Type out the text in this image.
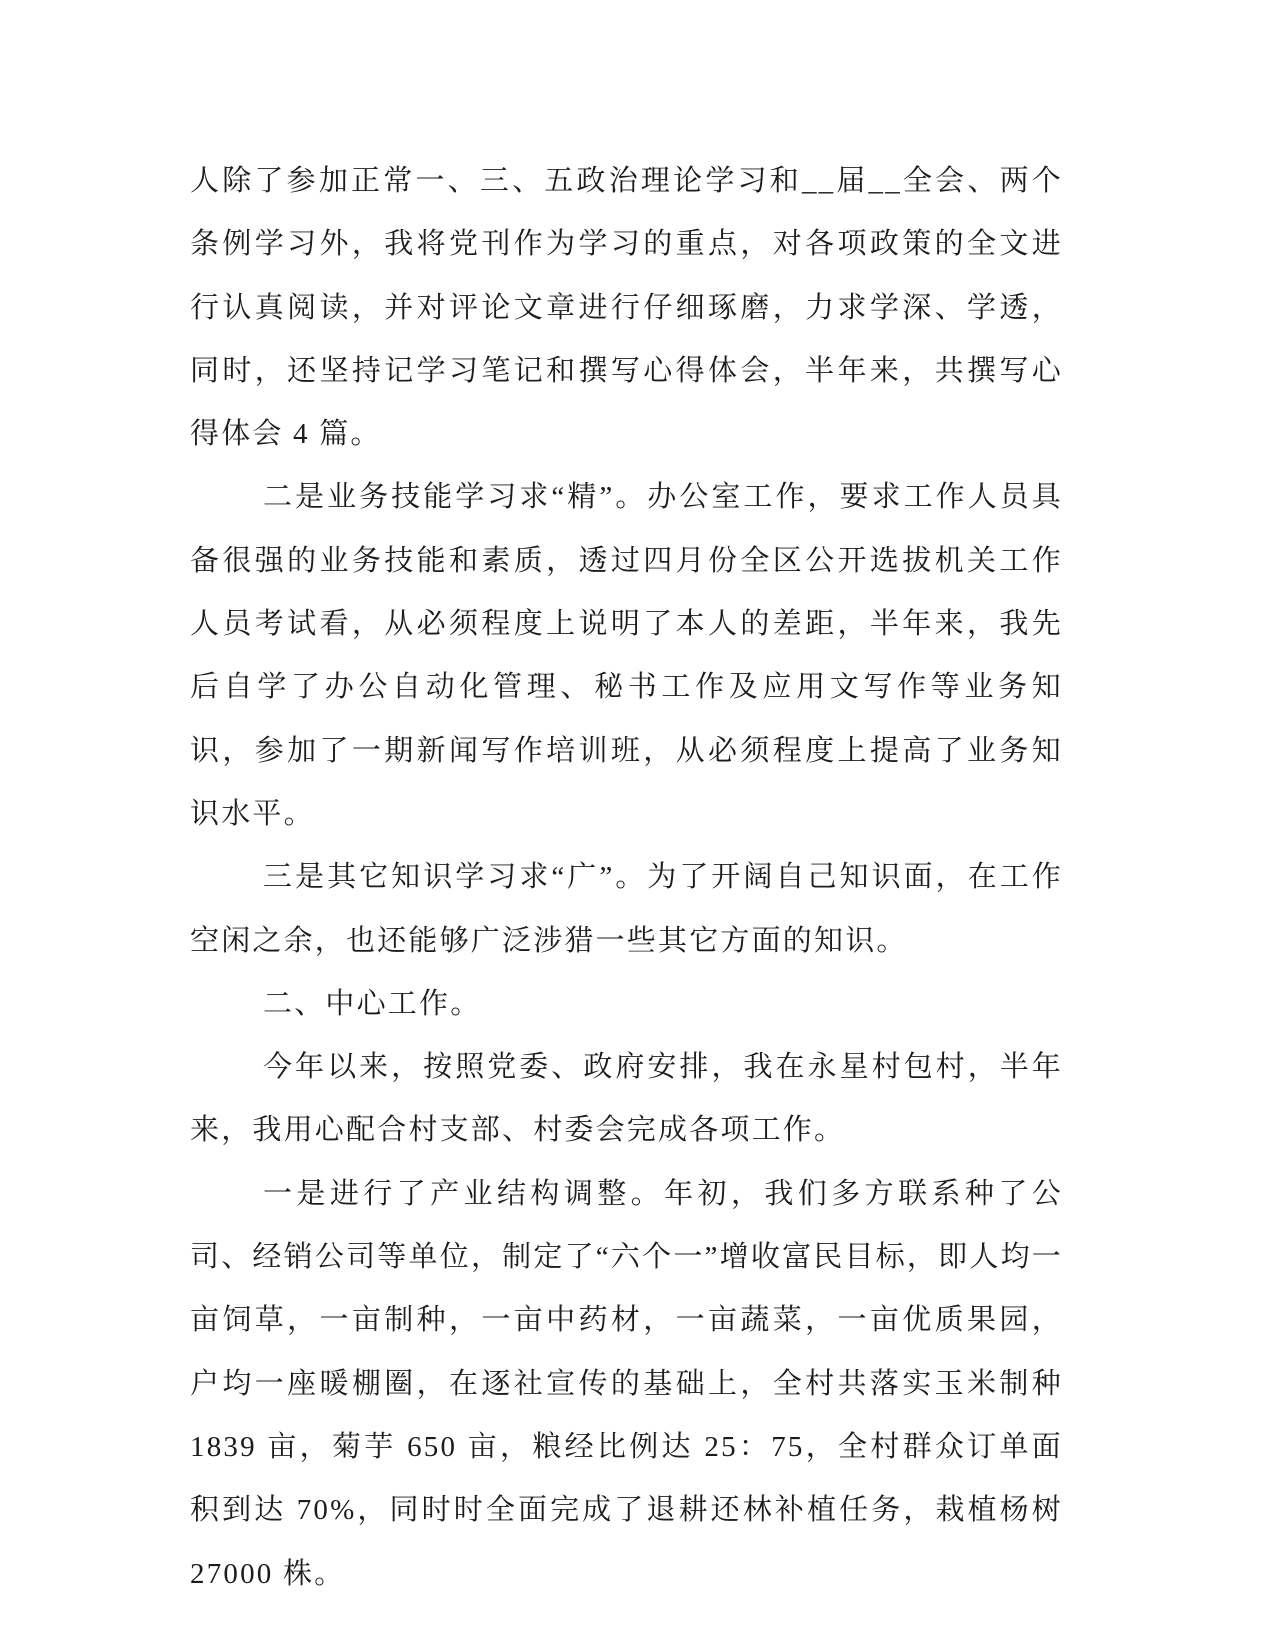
人除了参加正常一、三、五政治理论学习和__届__全会、两个条例学习外，我将党刊作为学习的重点，对各项政策的全文进行认真阅读，并对评论文章进行仔细琢磨，力求学深、学透，同时，还坚持记学习笔记和撰写心得体会，半年来，共撰写心得体会 4 篇。

二是业务技能学习求“精”。办公室工作，要求工作人员具备很强的业务技能和素质，透过四月份全区公开选拔机关工作人员考试看，从必须程度上说明了本人的差距，半年来，我先后自学了办公自动化管理、秘书工作及应用文写作等业务知识，参加了一期新闻写作培训班，从必须程度上提高了业务知识水平。

三是其它知识学习求“广”。为了开阔自己知识面，在工作空闲之余，也还能够广泛涉猎一些其它方面的知识。

二、中心工作。

今年以来，按照党委、政府安排，我在永星村包村，半年来，我用心配合村支部、村委会完成各项工作。

一是进行了产业结构调整。年初，我们多方联系种了公司、经销公司等单位，制定了“六个一”增收富民目标，即人均一亩饲草，一亩制种，一亩中药材，一亩蔬菜，一亩优质果园，户均一座暖棚圈，在逐社宣传的基础上，全村共落实玉米制种 1839 亩，菊芋 650 亩，粮经比例达 25：75，全村群众订单面积到达 70%，同时时全面完成了退耕还林补植任务，栽植杨树 27000 株。
